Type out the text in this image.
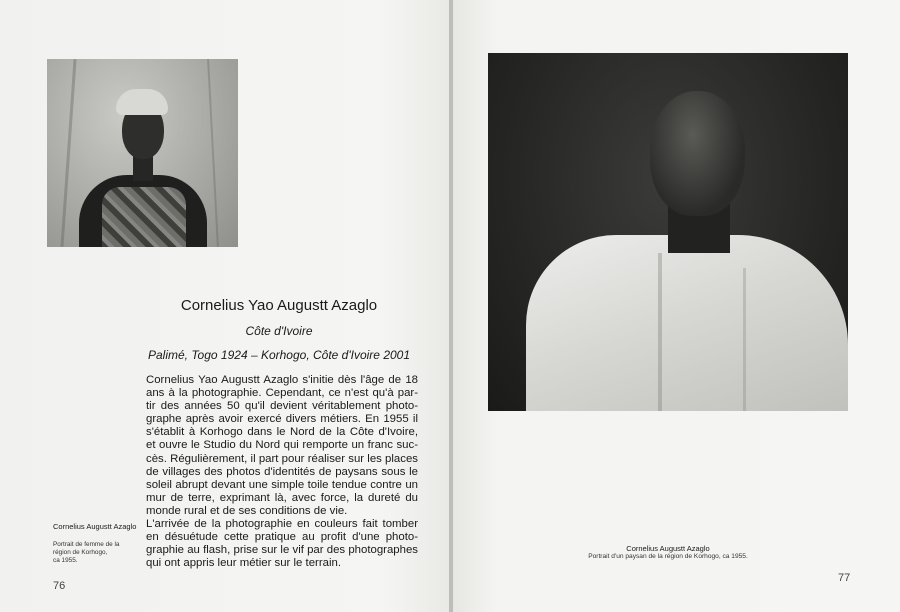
Cornelius Yao Augustt Azaglo
Côte d'Ivoire
Palimé, Togo 1924 – Korhogo, Côte d'Ivoire 2001

Cornelius Yao Augustt Azaglo s'initie dès l'âge de 18
ans à la photographie. Cependant, ce n'est qu'à par-
tir des années 50 qu'il devient véritablement photo-
graphe après avoir exercé divers métiers. En 1955 il
s'établit à Korhogo dans le Nord de la Côte d'Ivoire,
et ouvre le Studio du Nord qui remporte un franc suc-
cès. Régulièrement, il part pour réaliser sur les places
de villages des photos d'identités de paysans sous le
soleil abrupt devant une simple toile tendue contre un
mur de terre, exprimant là, avec force, la dureté du
monde rural et de ses conditions de vie.
L'arrivée de la photographie en couleurs fait tomber
en désuétude cette pratique au profit d'une photo-
graphie au flash, prise sur le vif par des photographes
qui ont appris leur métier sur le terrain.

Cornelius Augustt Azaglo
Portrait de femme de la
région de Korhogo,
ca 1955.
76
Cornelius Augustt Azaglo
Portrait d'un paysan de la région de Korhogo, ca 1955.
77
